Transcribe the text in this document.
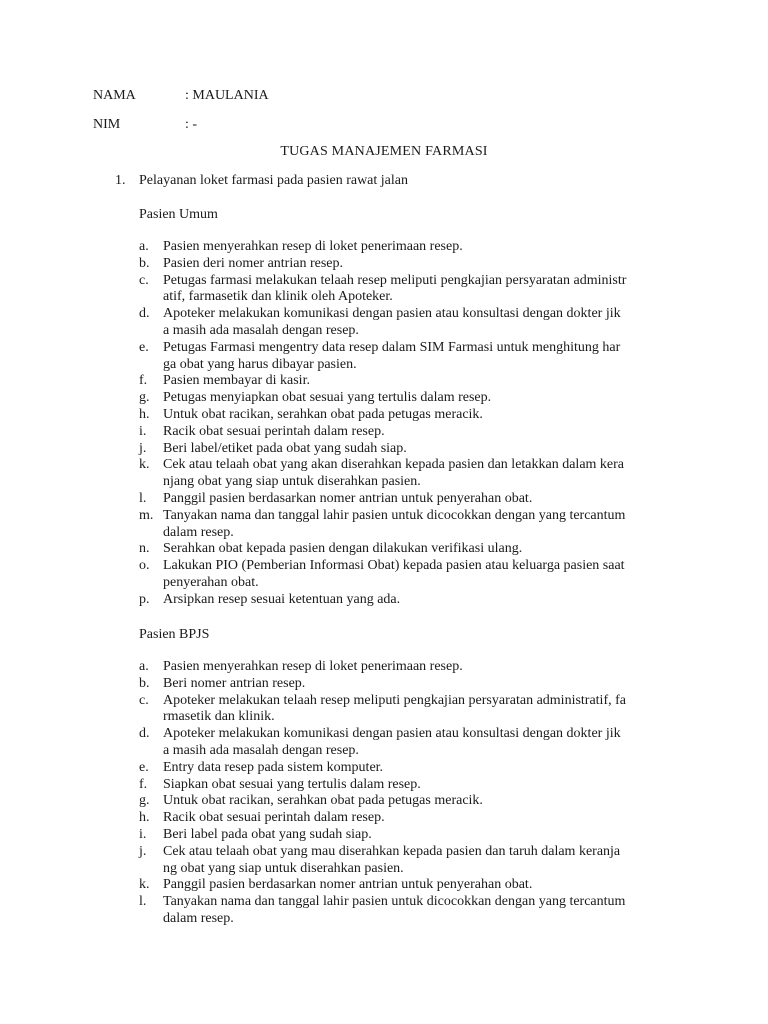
NAMA	: MAULANIA
NIM	: -
TUGAS MANAJEMEN FARMASI
1. Pelayanan loket farmasi pada pasien rawat jalan
Pasien Umum
a. Pasien menyerahkan resep di loket penerimaan resep.
b. Pasien deri nomer antrian resep.
c. Petugas farmasi melakukan telaah resep meliputi pengkajian persyaratan administr
atif, farmasetik dan klinik oleh Apoteker.
d. Apoteker melakukan komunikasi dengan pasien atau konsultasi dengan dokter jik
a masih ada masalah dengan resep.
e. Petugas Farmasi mengentry data resep dalam SIM Farmasi untuk menghitung har
ga obat yang harus dibayar pasien.
f. Pasien membayar di kasir.
g. Petugas menyiapkan obat sesuai yang tertulis dalam resep.
h. Untuk obat racikan, serahkan obat pada petugas meracik.
i. Racik obat sesuai perintah dalam resep.
j. Beri label/etiket pada obat yang sudah siap.
k. Cek atau telaah obat yang akan diserahkan kepada pasien dan letakkan dalam kera
njang obat yang siap untuk diserahkan pasien.
l. Panggil pasien berdasarkan nomer antrian untuk penyerahan obat.
m. Tanyakan nama dan tanggal lahir pasien untuk dicocokkan dengan yang tercantum
dalam resep.
n. Serahkan obat kepada pasien dengan dilakukan verifikasi ulang.
o. Lakukan PIO (Pemberian Informasi Obat) kepada pasien atau keluarga pasien saat
penyerahan obat.
p. Arsipkan resep sesuai ketentuan yang ada.
Pasien BPJS
a. Pasien menyerahkan resep di loket penerimaan resep.
b. Beri nomer antrian resep.
c. Apoteker melakukan telaah resep meliputi pengkajian persyaratan administratif, fa
rmasetik dan klinik.
d. Apoteker melakukan komunikasi dengan pasien atau konsultasi dengan dokter jik
a masih ada masalah dengan resep.
e. Entry data resep pada sistem komputer.
f. Siapkan obat sesuai yang tertulis dalam resep.
g. Untuk obat racikan, serahkan obat pada petugas meracik.
h. Racik obat sesuai perintah dalam resep.
i. Beri label pada obat yang sudah siap.
j. Cek atau telaah obat yang mau diserahkan kepada pasien dan taruh dalam keranja
ng obat yang siap untuk diserahkan pasien.
k. Panggil pasien berdasarkan nomer antrian untuk penyerahan obat.
l. Tanyakan nama dan tanggal lahir pasien untuk dicocokkan dengan yang tercantum
dalam resep.
